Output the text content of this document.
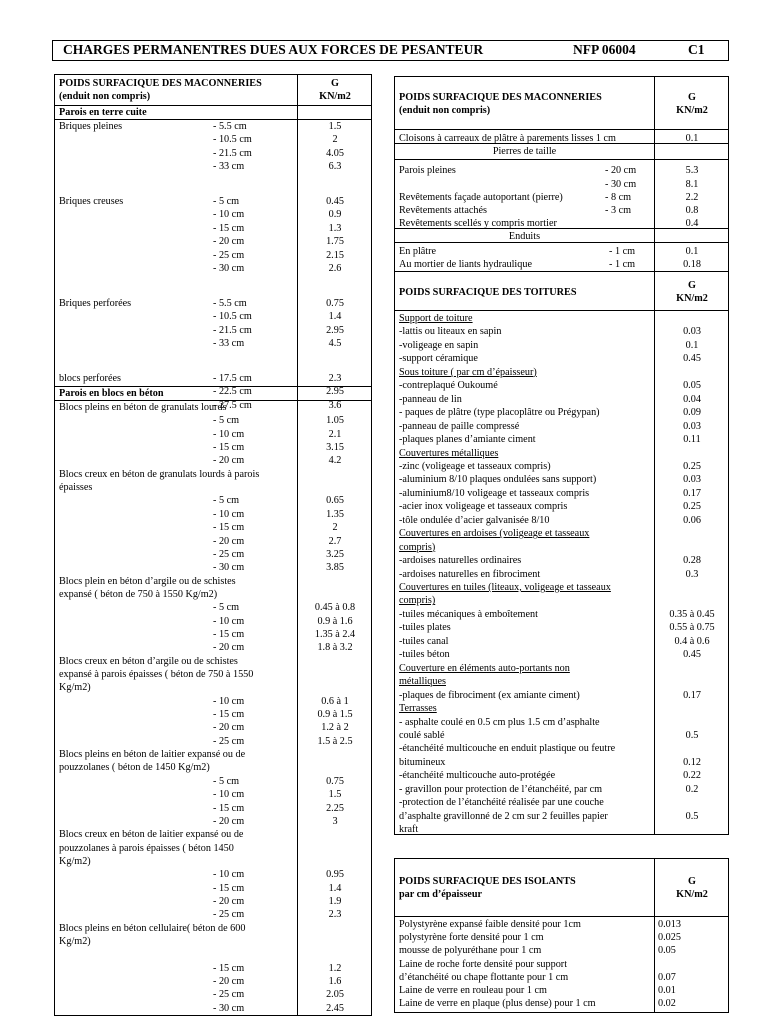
CHARGES PERMANENTRES DUES AUX FORCES DE PESANTEUR	NFP 06004	C1
POIDS SURFACIQUE DES MACONNERIES
(enduit non compris)
G
KN/m2
Parois en terre cuite
Briques pleines	- 5.5 cm	1.5
- 10.5 cm	2
- 21.5 cm	4.05
- 33 cm	6.3
Briques creuses	- 5 cm	0.45
- 10 cm	0.9
- 15 cm	1.3
- 20 cm	1.75
- 25 cm	2.15
- 30 cm	2.6
Briques perforées	- 5.5 cm	0.75
- 10.5 cm	1.4
- 21.5 cm	2.95
- 33 cm	4.5
blocs perforées	- 17.5 cm	2.3
- 22.5 cm	2.95
- 27.5 cm	3.6
Parois en blocs en béton
Blocs pleins en béton de granulats lourds
- 5 cm	1.05
- 10 cm	2.1
- 15 cm	3.15
- 20 cm	4.2
Blocs creux en béton de granulats lourds à parois
épaisses
- 5 cm	0.65
- 10 cm	1.35
- 15 cm	2
- 20 cm	2.7
- 25 cm	3.25
- 30 cm	3.85
Blocs plein en béton d’argile ou de schistes
expansé ( béton de 750 à 1550 Kg/m2)
- 5 cm	0.45 à 0.8
- 10 cm	0.9 à 1.6
- 15 cm	1.35 à 2.4
- 20 cm	1.8 à 3.2
Blocs creux en béton d’argile ou de schistes
expansé à parois épaisses ( béton de 750 à 1550
Kg/m2)
- 10 cm	0.6 à 1
- 15 cm	0.9 à 1.5
- 20 cm	1.2 à 2
- 25 cm	1.5 à 2.5
Blocs pleins en béton de laitier expansé ou de
pouzzolanes ( béton de 1450 Kg/m2)
- 5 cm	0.75
- 10 cm	1.5
- 15 cm	2.25
- 20 cm	3
Blocs creux en béton de laitier expansé ou de
pouzzolanes à parois épaisses ( béton 1450
Kg/m2)
- 10 cm	0.95
- 15 cm	1.4
- 20 cm	1.9
- 25 cm	2.3
Blocs pleins en béton cellulaire( béton de 600
Kg/m2)
- 15 cm	1.2
- 20 cm	1.6
- 25 cm	2.05
- 30 cm	2.45
POIDS SURFACIQUE DES MACONNERIES
(enduit non compris)
G
KN/m2
Cloisons à carreaux de plâtre à parements lisses 1 cm	0.1
Pierres de taille
Parois pleines	- 20 cm	5.3
- 30 cm	8.1
Revêtements façade autoportant (pierre)	- 8 cm	2.2
Revêtements attachés	- 3 cm	0.8
Revêtements scellés y compris mortier	0.4
Enduits
En plâtre	- 1 cm	0.1
Au mortier de liants hydraulique	- 1 cm	0.18
POIDS SURFACIQUE DES TOITURES
G
KN/m2
Support de toiture
-lattis ou liteaux en sapin	0.03
-voligeage en sapin	0.1
-support céramique	0.45
Sous toiture ( par cm d’épaisseur)
-contreplaqué Oukoumé	0.05
-panneau de lin	0.04
- paques de plâtre (type placoplâtre ou Prégypan)	0.09
-panneau de paille compressé	0.03
-plaques planes d’amiante ciment	0.11
Couvertures métalliques
-zinc (voligeage et tasseaux compris)	0.25
-aluminium 8/10 plaques ondulées sans support)	0.03
-aluminium8/10 voligeage et tasseaux compris	0.17
-acier inox voligeage et tasseaux compris	0.25
-tôle ondulée d’acier galvanisée 8/10	0.06
Couvertures en ardoises (voligeage et tasseaux
compris)
-ardoises naturelles ordinaires	0.28
-ardoises naturelles en fibrociment	0.3
Couvertures en tuiles (liteaux, voligeage et tasseaux
compris)
-tuiles mécaniques à emboîtement	0.35 à 0.45
-tuiles plates	0.55 à 0.75
-tuiles canal	0.4 à 0.6
-tuiles béton	0.45
Couverture en éléments auto-portants non
métalliques
-plaques de fibrociment (ex amiante ciment)	0.17
Terrasses
- asphalte coulé en 0.5 cm plus 1.5 cm d’asphalte
coulé sablé	0.5
-étanchéité multicouche en enduit plastique ou feutre
bitumineux	0.12
-étanchéité multicouche auto-protégée	0.22
- gravillon pour protection de l’étanchéité, par cm	0.2
-protection de l’étanchéité réalisée par une couche
d’asphalte gravillonné de 2 cm sur 2 feuilles papier	0.5
kraft
POIDS SURFACIQUE DES ISOLANTS
par cm d’épaisseur
G
KN/m2
Polystyrène expansé faible densité pour 1cm	0.013
polystyrène forte densité pour 1 cm	0.025
mousse de polyuréthane pour 1 cm	0.05
Laine de roche forte densité pour support
d’étanchéité ou chape flottante pour 1 cm	0.07
Laine de verre en rouleau pour 1 cm	0.01
Laine de verre en plaque (plus dense) pour 1 cm	0.02
